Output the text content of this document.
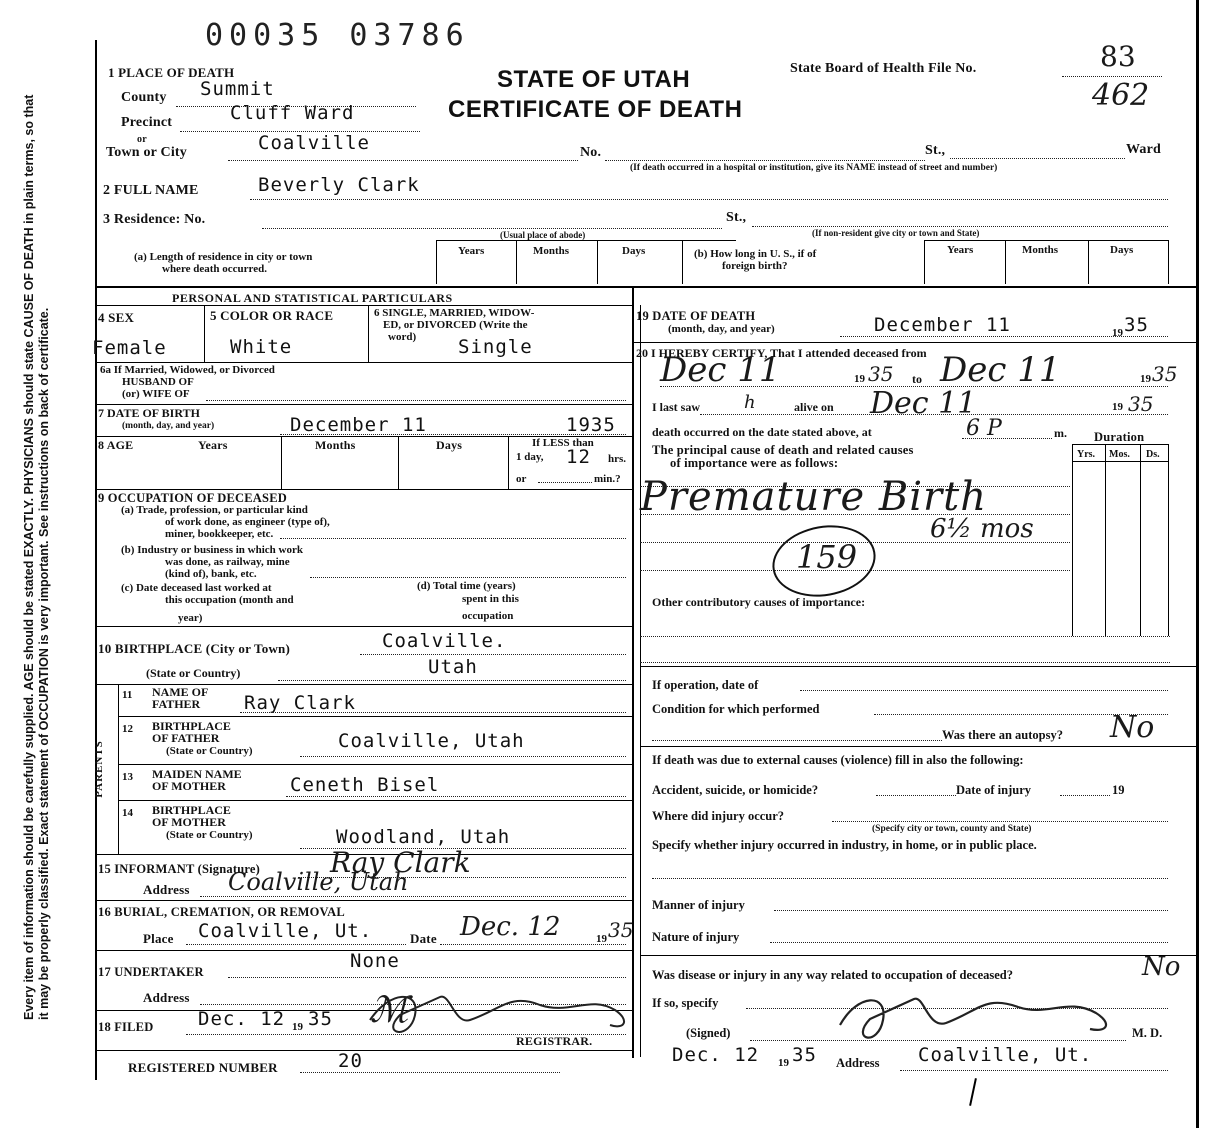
00035 03786
STATE OF UTAH
CERTIFICATE OF DEATH
State Board of Health File No.	83
462
Every item of information should be carefully supplied. AGE should be stated EXACTLY. PHYSICIANS should state CAUSE OF DEATH in plain terms, so that it may be properly classified. Exact statement of OCCUPATION is very important. See instructions on back of certificate.
1 PLACE OF DEATH
County Summit
Precinct	Cluff Ward
or
Town or City	Coalville	No.	St.,	Ward
(If death occurred in a hospital or institution, give its NAME instead of street and number)
2 FULL NAME	Beverly Clark
3 Residence: No.	St.,
(Usual place of abode)	(If non-resident give city or town and State)
(a) Length of residence in city or town
where death occurred.
Years	Months	Days	(b) How long in U. S., if of
foreign birth?
Years	Months	Days
PERSONAL AND STATISTICAL PARTICULARS
4 SEX
Female
5 COLOR OR RACE
White
6 SINGLE, MARRIED, WIDOW-
ED, or DIVORCED (Write the
word) Single
6a If Married, Widowed, or Divorced
HUSBAND OF
(or) WIFE OF
7 DATE OF BIRTH
(month, day, and year)	December 11	1935
8 AGE	Years	Months	Days	If LESS than
1 day, 12 hrs.
or	min.?
9 OCCUPATION OF DECEASED
(a) Trade, profession, or particular kind
of work done, as engineer (type of),
miner, bookkeeper, etc.
(b) Industry or business in which work
was done, as railway, mine
(kind of), bank, etc.
(c) Date deceased last worked at
this occupation (month and
year)
(d) Total time (years)
spent in this
occupation
10 BIRTHPLACE (City or Town)	Coalville.
(State or Country)	Utah
PARENTS
11 NAME OF
FATHER Ray Clark
12 BIRTHPLACE
OF FATHER
(State or Country)	Coalville, Utah
13 MAIDEN NAME
OF MOTHER	Ceneth Bisel
14 BIRTHPLACE
OF MOTHER
(State or Country)	Woodland, Utah
15 INFORMANT (Signature)	Ray Clark
Address Coalville, Utah
16 BURIAL, CREMATION, OR REMOVAL
Place Coalville, Ut.	Date Dec. 12	19 35
17 UNDERTAKER	None
Address
18 FILED Dec. 12 19 35 ℳ
REGISTRAR.
REGISTERED NUMBER	20
19 DATE OF DEATH
(month, day, and year)	December 11	19 35
20 I HEREBY CERTIFY, That I attended deceased from
Dec 11	19 35 to Dec 11	19 35
I last saw h	alive on Dec 11	19 35
death occurred on the date stated above, at	6 P	m. Duration
The principal cause of death and related causes
of importance were as follows:
Yrs. Mos. Ds.
Premature Birth
6½ mos
159
Other contributory causes of importance:
If operation, date of
Condition for which performed
Was there an autopsy? No
If death was due to external causes (violence) fill in also the following:
Accident, suicide, or homicide?	Date of injury	19
Where did injury occur?
(Specify city or town, county and State)
Specify whether injury occurred in industry, in home, or in public place.
Manner of injury
Nature of injury
Was disease or injury in any way related to occupation of deceased?	No
If so, specify
(Signed)	M. D.
Dec. 12 19 35 Address Coalville, Ut.
